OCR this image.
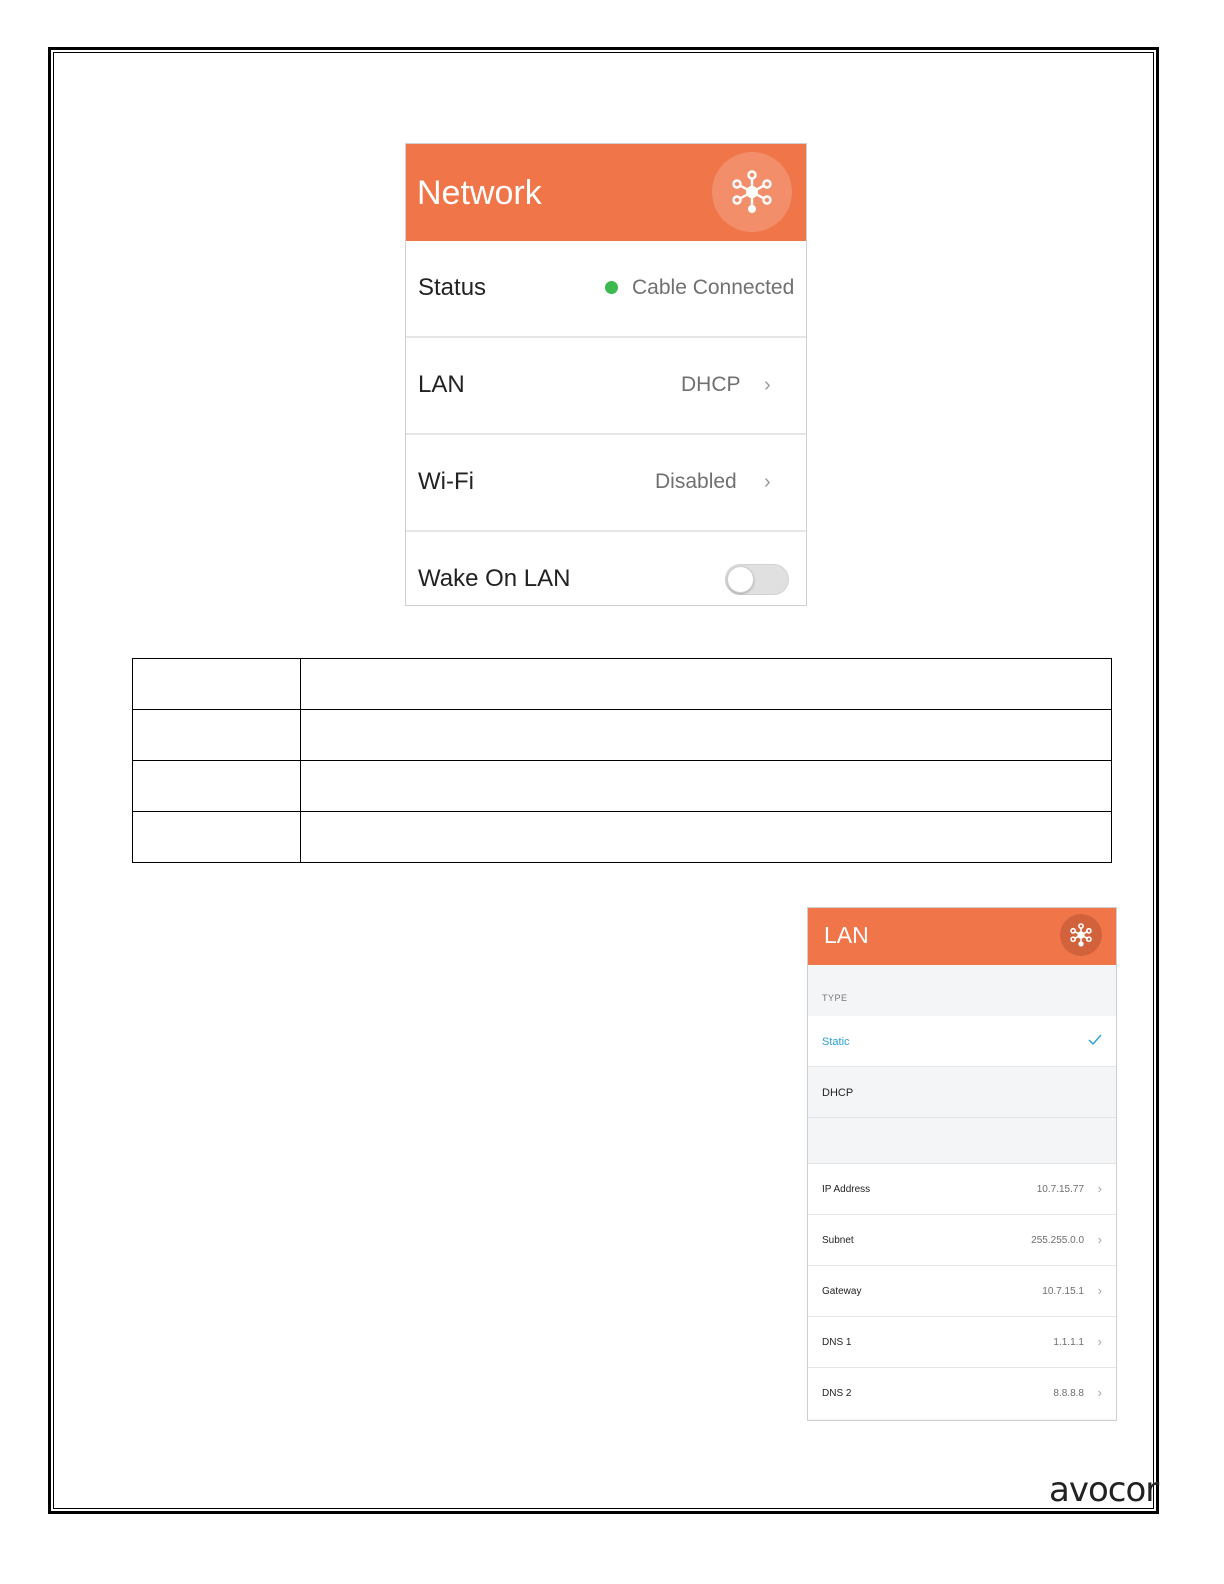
Network
Status	Cable Connected
LAN	DHCP ›
Wi-Fi	Disabled ›
Wake On LAN

LAN
TYPE
Static
DHCP
IP Address	10.7.15.77 ›
Subnet	255.255.0.0 ›
Gateway	10.7.15.1 ›
DNS 1	1.1.1.1 ›
DNS 2	8.8.8.8 ›
avocor
